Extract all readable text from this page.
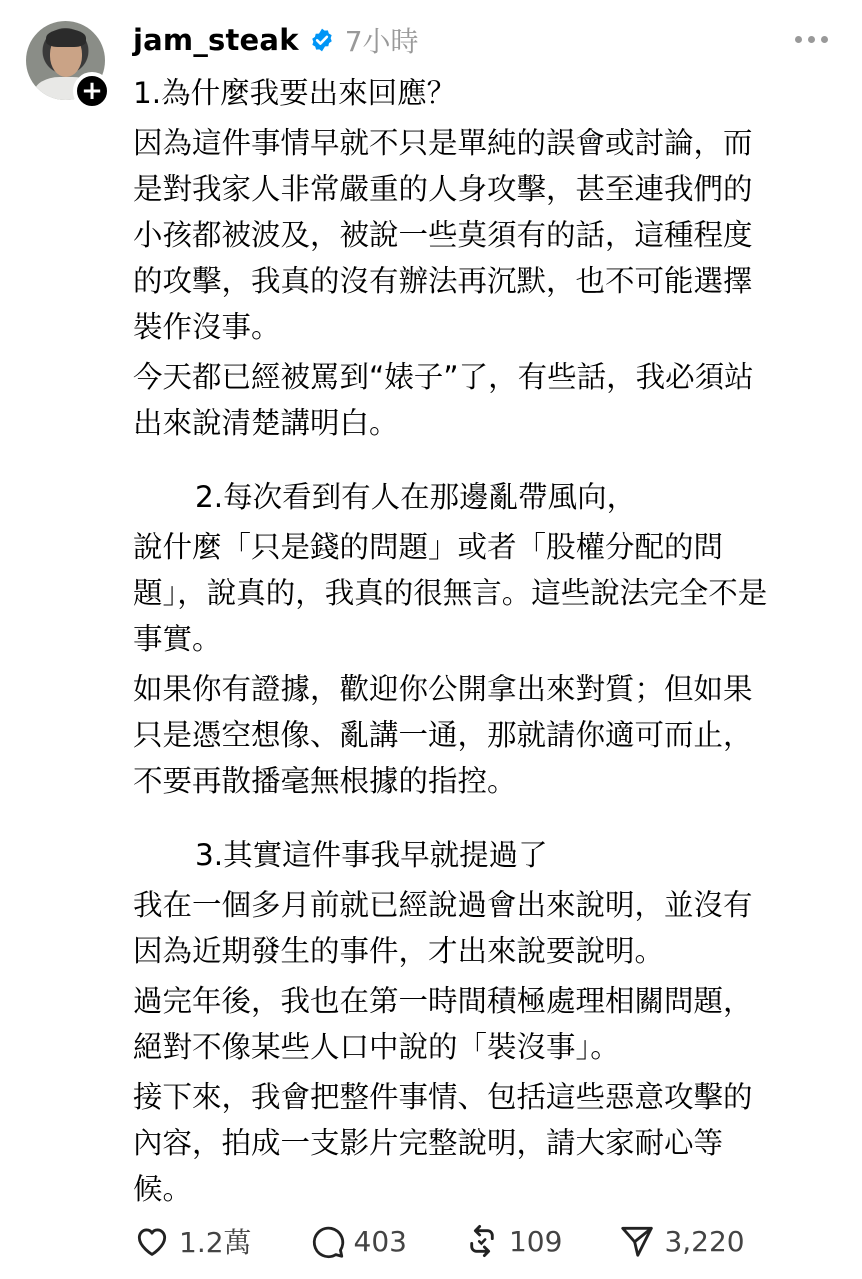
+
jam_steak 7小時

1.為什麼我要出來回應？

因為這件事情早就不只是單純的誤會或討論，而
是對我家人非常嚴重的人身攻擊，甚至連我們的
小孩都被波及，被說一些莫須有的話，這種程度
的攻擊，我真的沒有辦法再沉默，也不可能選擇
裝作沒事。

今天都已經被罵到“婊子”了，有些話，我必須站
出來說清楚講明白。

2.每次看到有人在那邊亂帶風向，

說什麼「只是錢的問題」或者「股權分配的問
題」，說真的，我真的很無言。這些說法完全不是
事實。

如果你有證據，歡迎你公開拿出來對質；但如果
只是憑空想像、亂講一通，那就請你適可而止，
不要再散播毫無根據的指控。

3.其實這件事我早就提過了

我在一個多月前就已經說過會出來說明，並沒有
因為近期發生的事件，才出來說要說明。

過完年後，我也在第一時間積極處理相關問題，
絕對不像某些人口中說的「裝沒事」。

接下來，我會把整件事情、包括這些惡意攻擊的
內容，拍成一支影片完整說明，請大家耐心等
候。

1.2萬	403	109	3,220
